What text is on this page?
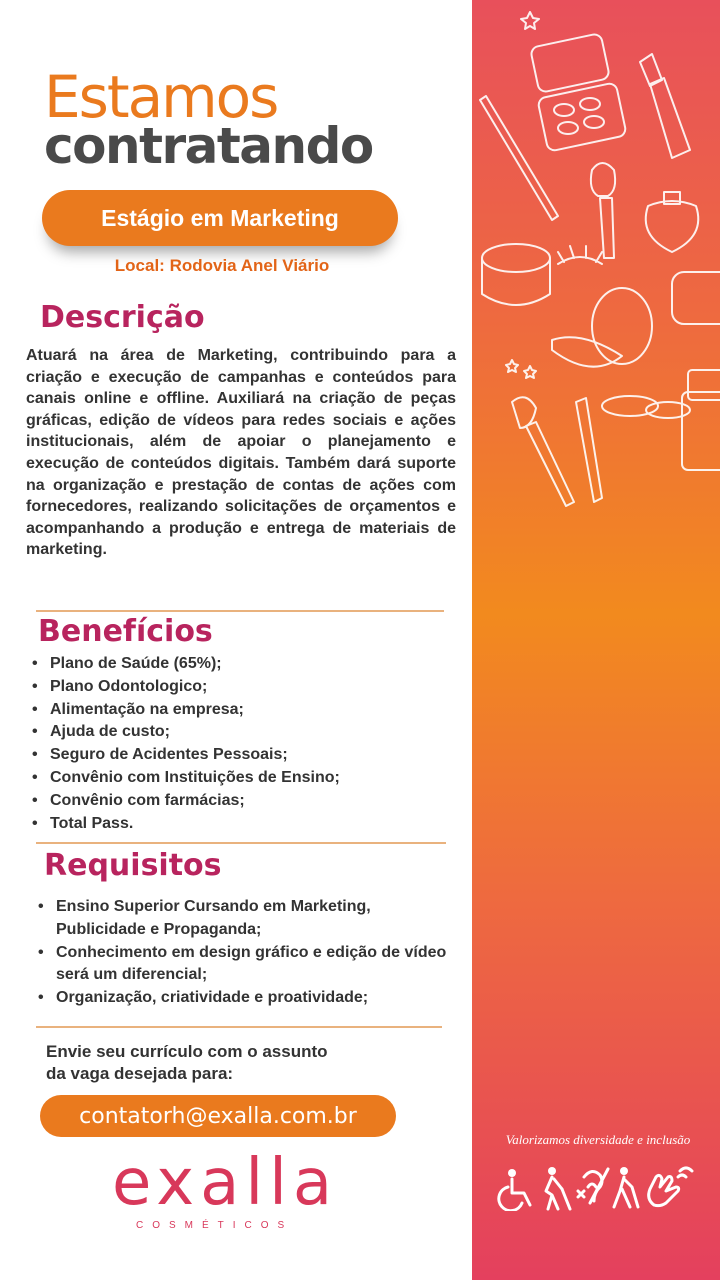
Estamos
contratando
Estágio em Marketing
Local: Rodovia Anel Viário
Descrição
Atuará na área de Marketing, contribuindo para a criação e execução de campanhas e conteúdos para canais online e offline. Auxiliará na criação de peças gráficas, edição de vídeos para redes sociais e ações institucionais, além de apoiar o planejamento e execução de conteúdos digitais. Também dará suporte na organização e prestação de contas de ações com fornecedores, realizando solicitações de orçamentos e acompanhando a produção e entrega de materiais de marketing.
Benefícios
• Plano de Saúde (65%);
• Plano Odontologico;
• Alimentação na empresa;
• Ajuda de custo;
• Seguro de Acidentes Pessoais;
• Convênio com Instituições de Ensino;
• Convênio com farmácias;
• Total Pass.
Requisitos
• Ensino Superior Cursando em Marketing, Publicidade e Propaganda;
• Conhecimento em design gráfico e edição de vídeo será um diferencial;
• Organização, criatividade e proatividade;
Envie seu currículo com o assunto
da vaga desejada para:
contatorh@exalla.com.br
exalla
COSMÉTICOS
Valorizamos diversidade e inclusão
